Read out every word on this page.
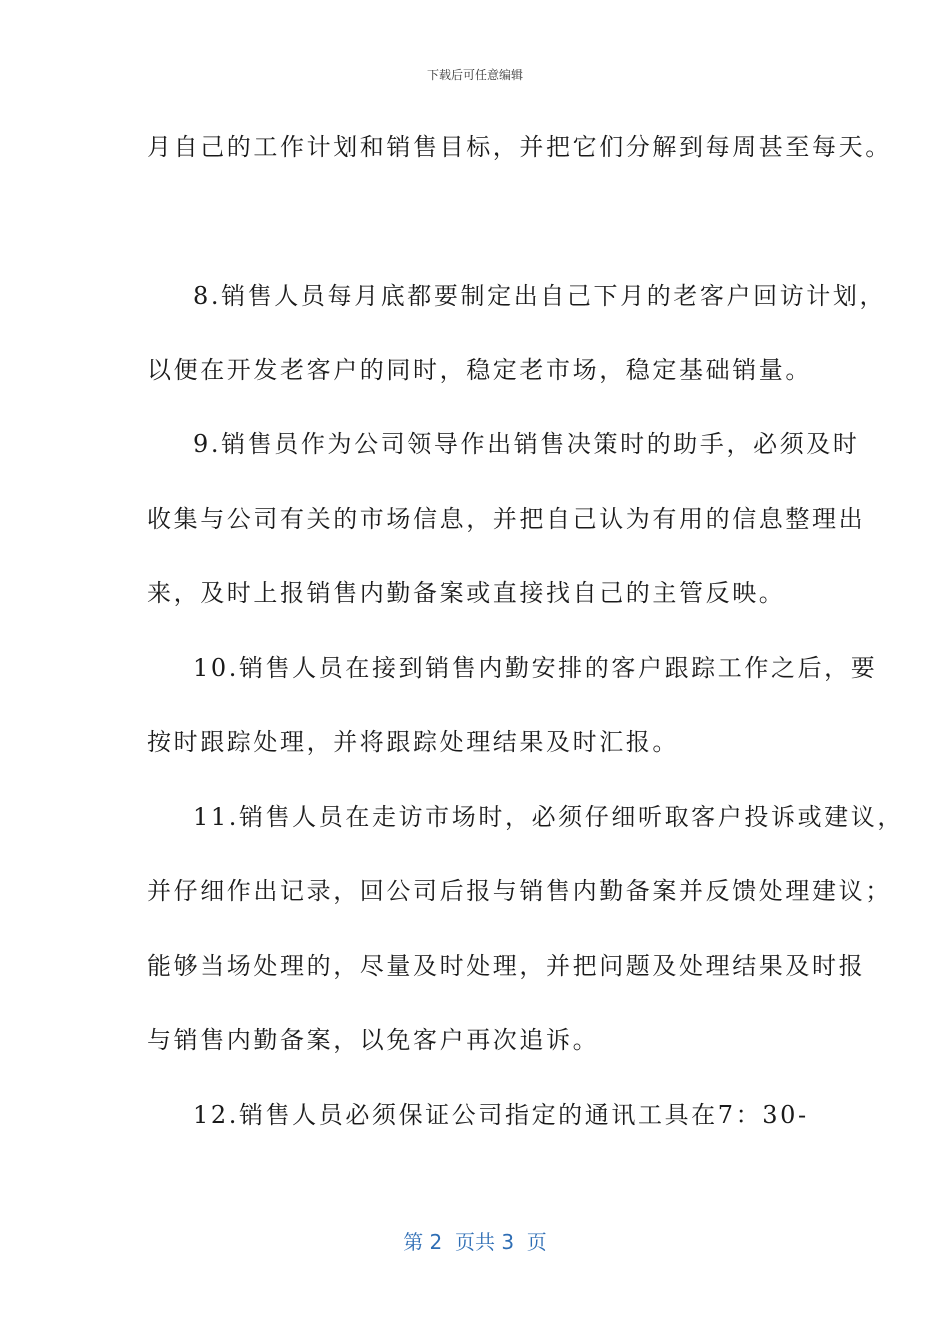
下载后可任意编辑
月自己的工作计划和销售目标，并把它们分解到每周甚至每天。
8.销售人员每月底都要制定出自己下月的老客户回访计划，
以便在开发老客户的同时，稳定老市场，稳定基础销量。
9.销售员作为公司领导作出销售决策时的助手，必须及时
收集与公司有关的市场信息，并把自己认为有用的信息整理出
来，及时上报销售内勤备案或直接找自己的主管反映。
10.销售人员在接到销售内勤安排的客户跟踪工作之后，要
按时跟踪处理，并将跟踪处理结果及时汇报。
11.销售人员在走访市场时，必须仔细听取客户投诉或建议，
并仔细作出记录，回公司后报与销售内勤备案并反馈处理建议；
能够当场处理的，尽量及时处理，并把问题及处理结果及时报
与销售内勤备案，以免客户再次追诉。
12.销售人员必须保证公司指定的通讯工具在7：30-
第 2  页共 3  页
